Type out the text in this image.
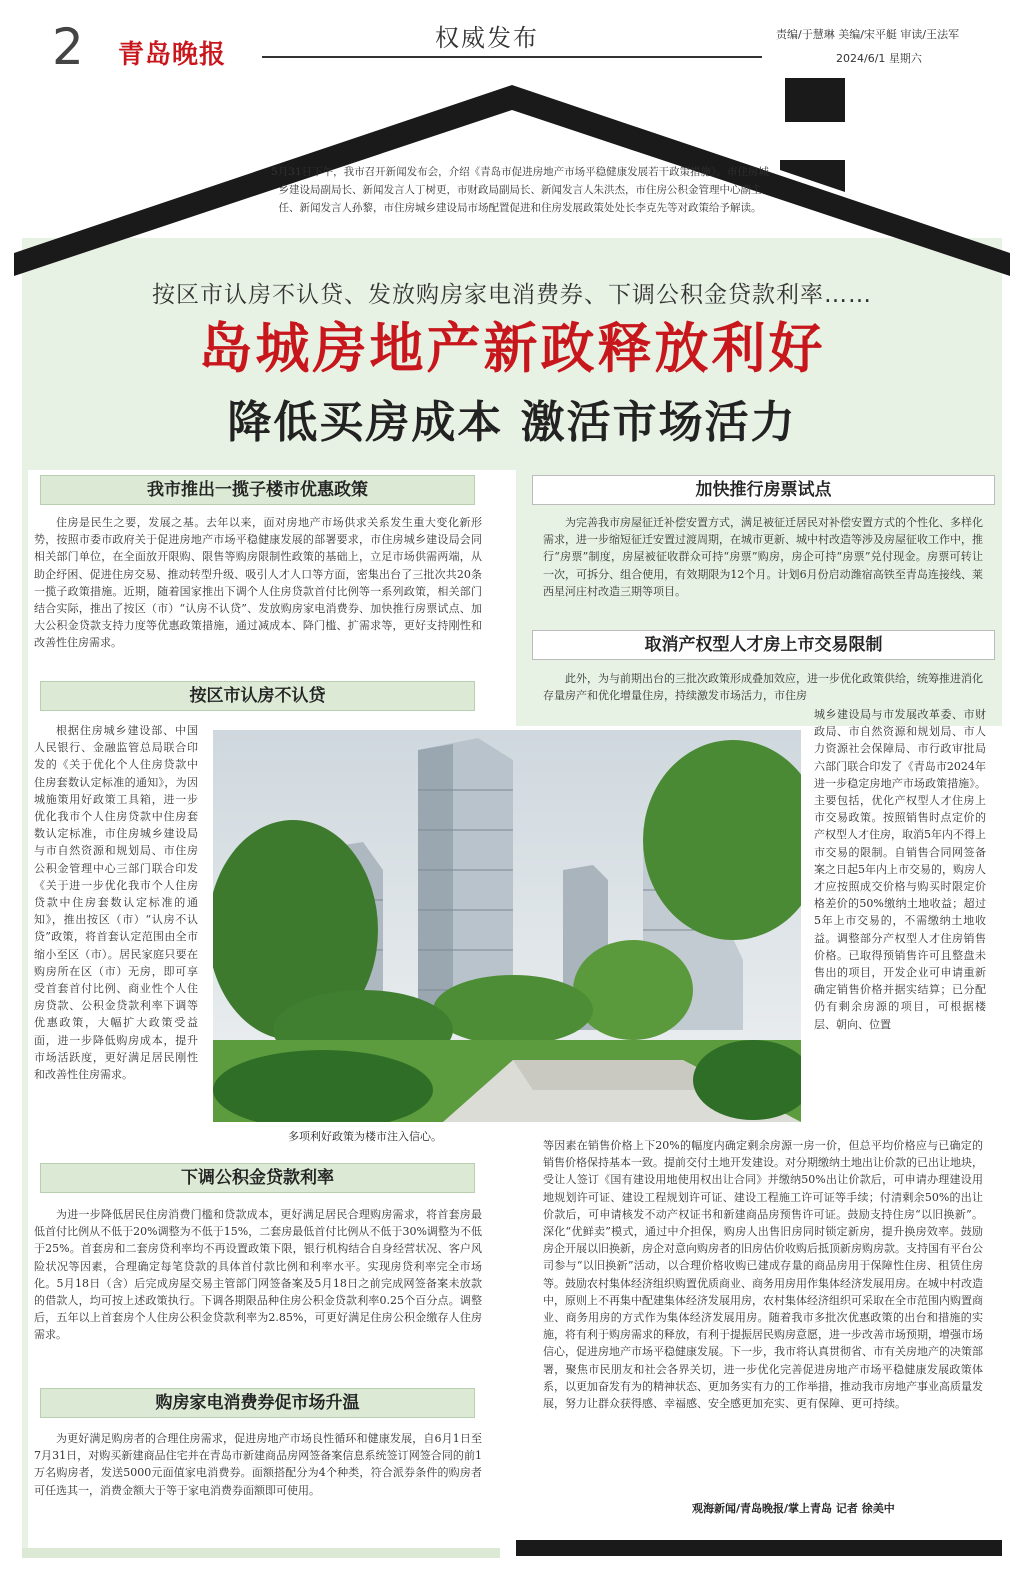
2 青岛晚报
权威发布	责编/于慧琳 美编/宋平艇 审读/王法军
2024/6/1 星期六
5月31日下午，我市召开新闻发布会，介绍《青岛市促进房地产市场平稳健康发展若干政策措施》。市住房城乡建设局副局长、新闻发言人丁树更，市财政局副局长、新闻发言人朱洪杰，市住房公积金管理中心副主任、新闻发言人孙黎，市住房城乡建设局市场配置促进和住房发展政策处处长李克先等对政策给予解读。
按区市认房不认贷、发放购房家电消费券、下调公积金贷款利率……
岛城房地产新政释放利好
降低买房成本 激活市场活力
我市推出一揽子楼市优惠政策
住房是民生之要，发展之基。去年以来，面对房地产市场供求关系发生重大变化新形势，按照市委市政府关于促进房地产市场平稳健康发展的部署要求，市住房城乡建设局会同相关部门单位，在全面放开限购、限售等购房限制性政策的基础上，立足市场供需两端，从助企纾困、促进住房交易、推动转型升级、吸引人才人口等方面，密集出台了三批次共20条一揽子政策措施。近期，随着国家推出下调个人住房贷款首付比例等一系列政策，相关部门结合实际，推出了按区（市）“认房不认贷”、发放购房家电消费券、加快推行房票试点、加大公积金贷款支持力度等优惠政策措施，通过减成本、降门槛、扩需求等，更好支持刚性和改善性住房需求。
按区市认房不认贷
根据住房城乡建设部、中国人民银行、金融监管总局联合印发的《关于优化个人住房贷款中住房套数认定标准的通知》，为因城施策用好政策工具箱，进一步优化我市个人住房贷款中住房套数认定标准，市住房城乡建设局与市自然资源和规划局、市住房公积金管理中心三部门联合印发《关于进一步优化我市个人住房贷款中住房套数认定标准的通知》，推出按区（市）“认房不认贷”政策，将首套认定范围由全市缩小至区（市）。居民家庭只要在购房所在区（市）无房，即可享受首套首付比例、商业性个人住房贷款、公积金贷款利率下调等优惠政策，大幅扩大政策受益面，进一步降低购房成本，提升市场活跃度，更好满足居民刚性和改善性住房需求。
下调公积金贷款利率
为进一步降低居民住房消费门槛和贷款成本，更好满足居民合理购房需求，将首套房最低首付比例从不低于20%调整为不低于15%，二套房最低首付比例从不低于30%调整为不低于25%。首套房和二套房贷利率均不再设置政策下限，银行机构结合自身经营状况、客户风险状况等因素，合理确定每笔贷款的具体首付款比例和利率水平。实现房贷利率完全市场化。5月18日（含）后完成房屋交易主管部门网签备案及5月18日之前完成网签备案未放款的借款人，均可按上述政策执行。下调各期限品种住房公积金贷款利率0.25个百分点。调整后，五年以上首套房个人住房公积金贷款利率为2.85%，可更好满足住房公积金缴存人住房需求。
购房家电消费券促市场升温
为更好满足购房者的合理住房需求，促进房地产市场良性循环和健康发展，自6月1日至7月31日，对购买新建商品住宅并在青岛市新建商品房网签备案信息系统签订网签合同的前1万名购房者，发送5000元面值家电消费券。面额搭配分为4个种类，符合派券条件的购房者可任选其一，消费金额大于等于家电消费券面额即可使用。
加快推行房票试点
为完善我市房屋征迁补偿安置方式，满足被征迁居民对补偿安置方式的个性化、多样化需求，进一步缩短征迁安置过渡周期，在城市更新、城中村改造等涉及房屋征收工作中，推行“房票”制度，房屋被征收群众可持“房票”购房，房企可持“房票”兑付现金。房票可转让一次，可拆分、组合使用，有效期限为12个月。计划6月份启动潍宿高铁至青岛连接线、莱西星河庄村改造三期等项目。
取消产权型人才房上市交易限制
此外，为与前期出台的三批次政策形成叠加效应，进一步优化政策供给，统筹推进消化存量房产和优化增量住房，持续激发市场活力，市住房
城乡建设局与市发展改革委、市财政局、市自然资源和规划局、市人力资源社会保障局、市行政审批局六部门联合印发了《青岛市2024年进一步稳定房地产市场政策措施》。主要包括，优化产权型人才住房上市交易政策。按照销售时点定价的产权型人才住房，取消5年内不得上市交易的限制。自销售合同网签备案之日起5年内上市交易的，购房人才应按照成交价格与购买时限定价格差价的50%缴纳土地收益；超过5年上市交易的，不需缴纳土地收益。调整部分产权型人才住房销售价格。已取得预销售许可且整盘未售出的项目，开发企业可申请重新确定销售价格并据实结算；已分配仍有剩余房源的项目，可根据楼层、朝向、位置
等因素在销售价格上下20%的幅度内确定剩余房源一房一价，但总平均价格应与已确定的销售价格保持基本一致。提前交付土地开发建设。对分期缴纳土地出让价款的已出让地块，受让人签订《国有建设用地使用权出让合同》并缴纳50%出让价款后，可申请办理建设用地规划许可证、建设工程规划许可证、建设工程施工许可证等手续；付清剩余50%的出让价款后，可申请核发不动产权证书和新建商品房预售许可证。鼓励支持住房“以旧换新”。深化“优鲜卖”模式，通过中介担保，购房人出售旧房同时锁定新房，提升换房效率。鼓励房企开展以旧换新，房企对意向购房者的旧房估价收购后抵顶新房购房款。支持国有平台公司参与“以旧换新”活动，以合理价格收购已建成存量的商品房用于保障性住房、租赁住房等。鼓励农村集体经济组织购置优质商业、商务用房用作集体经济发展用房。在城中村改造中，原则上不再集中配建集体经济发展用房，农村集体经济组织可采取在全市范围内购置商业、商务用房的方式作为集体经济发展用房。随着我市多批次优惠政策的出台和措施的实施，将有利于购房需求的释放，有利于提振居民购房意愿，进一步改善市场预期，增强市场信心，促进房地产市场平稳健康发展。下一步，我市将认真贯彻省、市有关房地产的决策部署，聚焦市民朋友和社会各界关切，进一步优化完善促进房地产市场平稳健康发展政策体系，以更加奋发有为的精神状态、更加务实有力的工作举措，推动我市房地产事业高质量发展，努力让群众获得感、幸福感、安全感更加充实、更有保障、更可持续。
多项利好政策为楼市注入信心。
观海新闻/青岛晚报/掌上青岛 记者 徐美中
